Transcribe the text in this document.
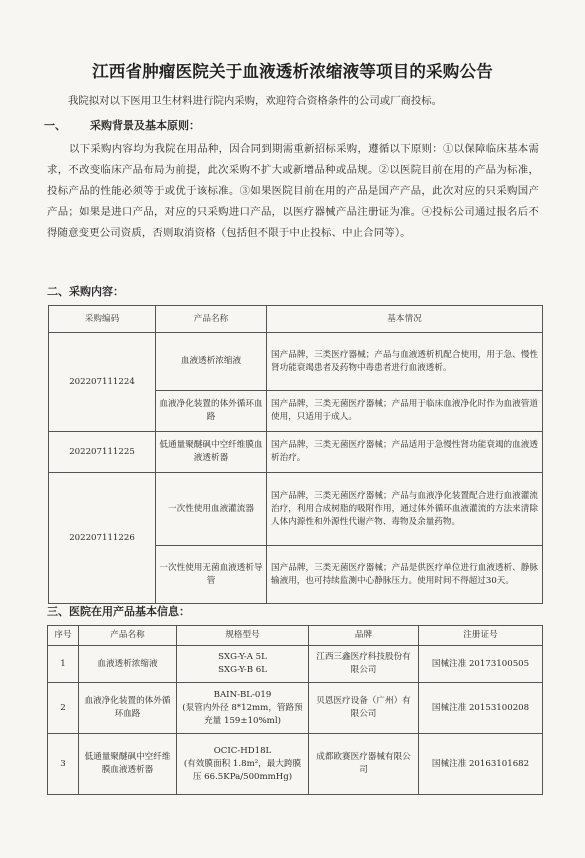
江西省肿瘤医院关于血液透析浓缩液等项目的采购公告
我院拟对以下医用卫生材料进行院内采购，欢迎符合资格条件的公司或厂商投标。
一、 采购背景及基本原则：
以下采购内容均为我院在用品种，因合同到期需重新招标采购，遵循以下原则：①以保障临床基本需求，不改变临床产品布局为前提，此次采购不扩大或新增品种或品规。②以医院目前在用的产品为标准，投标产品的性能必须等于或优于该标准。③如果医院目前在用的产品是国产产品，此次对应的只采购国产产品；如果是进口产品，对应的只采购进口产品，以医疗器械产品注册证为准。④投标公司通过报名后不得随意变更公司资质，否则取消资格（包括但不限于中止投标、中止合同等）。
二、采购内容：
采购编码	产品名称	基本情况
202207111224	血液透析浓缩液	国产品牌，三类医疗器械；产品与血液透析机配合使用，用于急、慢性肾功能衰竭患者及药物中毒患者进行血液透析。
	血液净化装置的体外循环血路	国产品牌，三类无菌医疗器械；产品用于临床血液净化时作为血液管道使用，只适用于成人。
202207111225	低通量聚醚砜中空纤维膜血液透析器	国产品牌，三类无菌医疗器械；产品适用于急慢性肾功能衰竭的血液透析治疗。
202207111226	一次性使用血液灌流器	国产品牌，三类无菌医疗器械；产品与血液净化装置配合进行血液灌流治疗，利用合成树脂的吸附作用，通过体外循环血液灌流的方法来清除人体内源性和外源性代谢产物、毒物及余量药物。
	一次性使用无菌血液透析导管	国产品牌，三类无菌医疗器械；产品是供医疗单位进行血液透析、静脉输液用，也可持续监测中心静脉压力。使用时间不得超过30天。
三、医院在用产品基本信息：
序号	产品名称	规格型号	品牌	注册证号
1	血液透析浓缩液	SXG-Y-A 5L
SXG-Y-B 6L	江西三鑫医疗科技股份有限公司	国械注准 20173100505
2	血液净化装置的体外循环血路	BAIN-BL-019
(泵管内外径 8*12mm，管路预充量 159±10%ml)	贝恩医疗设备（广州）有限公司	国械注准 20153100208
3	低通量聚醚砜中空纤维膜血液透析器	OCIC-HD18L
(有效膜面积 1.8m²，最大跨膜压 66.5KPa/500mmHg)	成都欧赛医疗器械有限公司	国械注准 20163101682
